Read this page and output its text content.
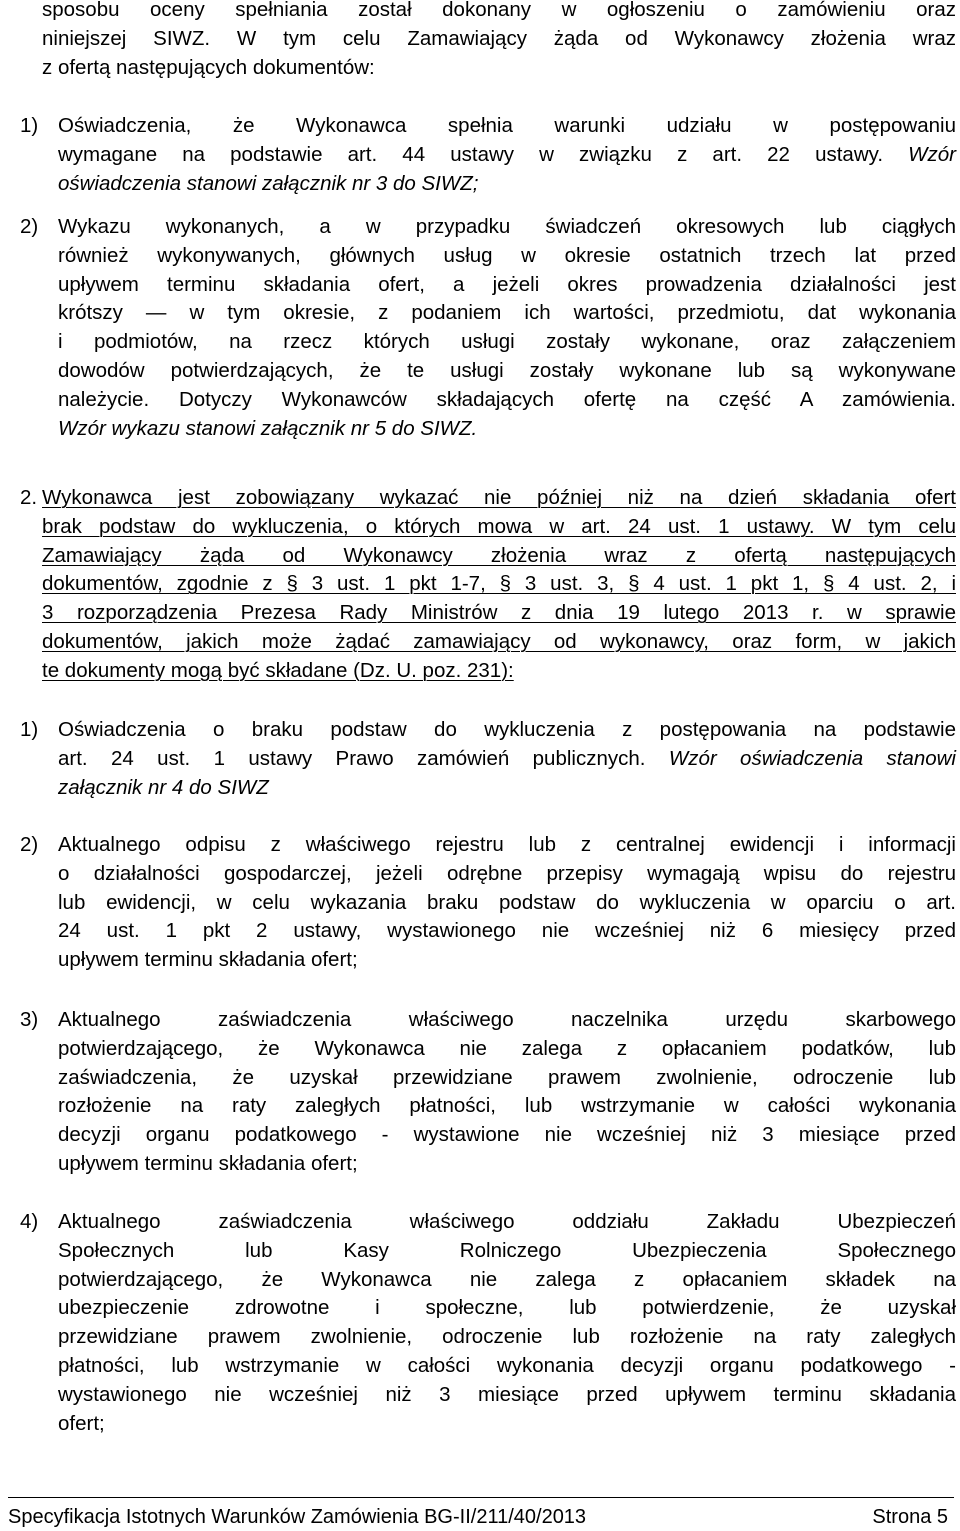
sposobu oceny spełniania został dokonany w ogłoszeniu o zamówieniu oraz
niniejszej SIWZ. W tym celu Zamawiający żąda od Wykonawcy złożenia wraz
z ofertą następujących dokumentów:

1) Oświadczenia, że Wykonawca spełnia warunki udziału w postępowaniu
wymagane na podstawie art. 44 ustawy w związku z art. 22 ustawy. Wzór
oświadczenia stanowi załącznik nr 3 do SIWZ;

2) Wykazu wykonanych, a w przypadku świadczeń okresowych lub ciągłych
również wykonywanych, głównych usług w okresie ostatnich trzech lat przed
upływem terminu składania ofert, a jeżeli okres prowadzenia działalności jest
krótszy — w tym okresie, z podaniem ich wartości, przedmiotu, dat wykonania
i podmiotów, na rzecz których usługi zostały wykonane, oraz załączeniem
dowodów potwierdzających, że te usługi zostały wykonane lub są wykonywane
należycie. Dotyczy Wykonawców składających ofertę na część A zamówienia.
Wzór wykazu stanowi załącznik nr 5 do SIWZ.

2. Wykonawca jest zobowiązany wykazać nie później niż na dzień składania ofert
brak podstaw do wykluczenia, o których mowa w art. 24 ust. 1 ustawy. W tym celu
Zamawiający żąda od Wykonawcy złożenia wraz z ofertą następujących
dokumentów, zgodnie z § 3 ust. 1 pkt 1-7, § 3 ust. 3, § 4 ust. 1 pkt 1, § 4 ust. 2, i
3 rozporządzenia Prezesa Rady Ministrów z dnia 19 lutego 2013 r. w sprawie
dokumentów, jakich może żądać zamawiający od wykonawcy, oraz form, w jakich
te dokumenty mogą być składane (Dz. U. poz. 231):

1) Oświadczenia o braku podstaw do wykluczenia z postępowania na podstawie
art. 24 ust. 1 ustawy Prawo zamówień publicznych. Wzór oświadczenia stanowi
załącznik nr 4 do SIWZ

2) Aktualnego odpisu z właściwego rejestru lub z centralnej ewidencji i informacji
o działalności gospodarczej, jeżeli odrębne przepisy wymagają wpisu do rejestru
lub ewidencji, w celu wykazania braku podstaw do wykluczenia w oparciu o art.
24 ust. 1 pkt 2 ustawy, wystawionego nie wcześniej niż 6 miesięcy przed
upływem terminu składania ofert;

3) Aktualnego zaświadczenia właściwego naczelnika urzędu skarbowego
potwierdzającego, że Wykonawca nie zalega z opłacaniem podatków, lub
zaświadczenia, że uzyskał przewidziane prawem zwolnienie, odroczenie lub
rozłożenie na raty zaległych płatności, lub wstrzymanie w całości wykonania
decyzji organu podatkowego - wystawione nie wcześniej niż 3 miesiące przed
upływem terminu składania ofert;

4) Aktualnego zaświadczenia właściwego oddziału Zakładu Ubezpieczeń
Społecznych lub Kasy Rolniczego Ubezpieczenia Społecznego
potwierdzającego, że Wykonawca nie zalega z opłacaniem składek na
ubezpieczenie zdrowotne i społeczne, lub potwierdzenie, że uzyskał
przewidziane prawem zwolnienie, odroczenie lub rozłożenie na raty zaległych
płatności, lub wstrzymanie w całości wykonania decyzji organu podatkowego -
wystawionego nie wcześniej niż 3 miesiące przed upływem terminu składania
ofert;

Specyfikacja Istotnych Warunków Zamówienia BG-II/211/40/2013	Strona 5
